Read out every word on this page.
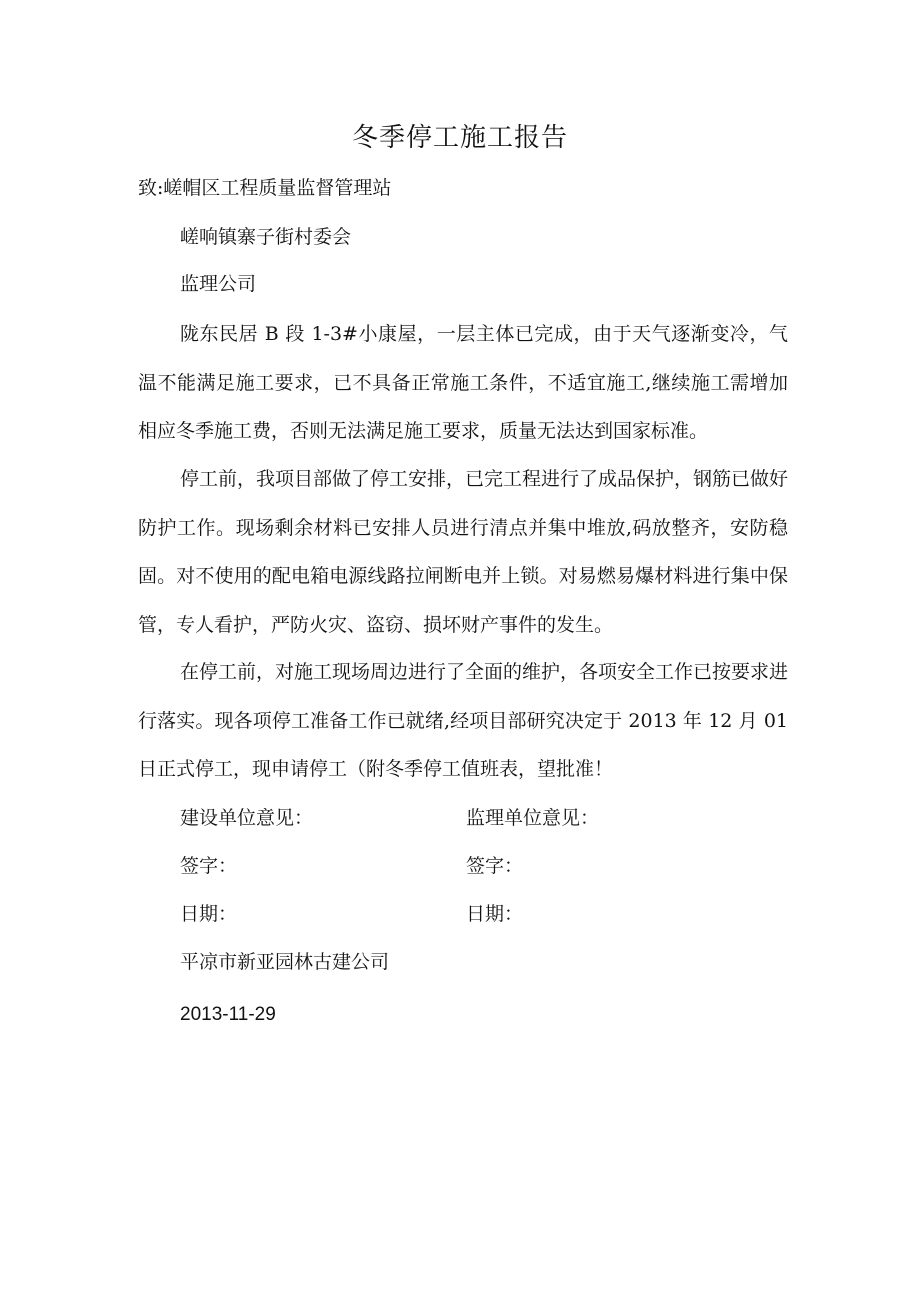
冬季停工施工报告
致:嵯帽区工程质量监督管理站
嵯响镇寨子街村委会
监理公司

陇东民居 B 段 1-3#小康屋，一层主体已完成，由于天气逐渐变冷，气温不能满足施工要求，已不具备正常施工条件，不适宜施工,继续施工需增加相应冬季施工费，否则无法满足施工要求，质量无法达到国家标准。

停工前，我项目部做了停工安排，已完工程进行了成品保护，钢筋已做好防护工作。现场剩余材料已安排人员进行清点并集中堆放,码放整齐，安防稳固。对不使用的配电箱电源线路拉闸断电并上锁。对易燃易爆材料进行集中保管，专人看护，严防火灾、盗窃、损坏财产事件的发生。

在停工前，对施工现场周边进行了全面的维护，各项安全工作已按要求进行落实。现各项停工准备工作已就绪,经项目部研究决定于 2013 年 12 月 01 日正式停工，现申请停工（附冬季停工值班表，望批准！

建设单位意见：	监理单位意见：
签字：	签字：
日期：	日期：
平凉市新亚园林古建公司
2013-11-29
